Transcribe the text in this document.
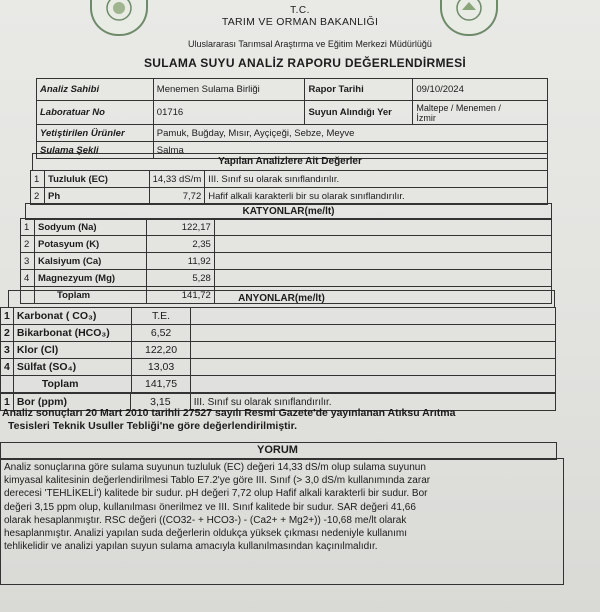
T.C.
TARIM VE ORMAN BAKANLIĞI
Uluslararası Tarımsal Araştırma ve Eğitim Merkezi Müdürlüğü
SULAMA SUYU ANALİZ RAPORU DEĞERLENDİRMESİ
Analiz Sahibi	Menemen Sulama Birliği	Rapor Tarihi	09/10/2024
Laboratuar No	01716	Suyun Alındığı Yer	Maltepe / Menemen /
İzmir

Yetiştirilen Ürünler	Pamuk, Buğday, Mısır, Ayçiçeği, Sebze, Meyve		
Sulama Şekli	Salma		
Yapılan Analizlere Ait Değerler
1	Tuzluluk (EC)	14,33 dS/m	III. Sınıf su olarak sınıflandırılır.
2	Ph	7,72	Hafif alkali karakterli bir su olarak sınıflandırılır.
KATYONLAR(me/lt)
1	Sodyum (Na)	122,17	
2	Potasyum (K)	2,35	
3	Kalsiyum (Ca)	11,92	
4	Magnezyum (Mg)	5,28	
	Toplam	141,72		ANYONLAR(me/lt)
1	Karbonat ( CO₃)	T.E.	
2	Bikarbonat (HCO₃)	6,52	
3	Klor (Cl)	122,20	
4	Sülfat (SO₄)	13,03	
	Toplam	141,75	
1	Bor (ppm)	3,15	III. Sınıf su olarak sınıflandırılır.
Analiz sonuçları 20 Mart 2010 tarihli 27527 sayılı Resmi Gazete'de yayınlanan Atıksu Arıtma
Tesisleri Teknik Usuller Tebliği'ne göre değerlendirilmiştir.
YORUM
Analiz sonuçlarına göre sulama suyunun tuzluluk (EC) değeri 14,33 dS/m olup sulama suyunun
kimyasal kalitesinin değerlendirilmesi Tablo E7.2'ye göre III. Sınıf (> 3,0 dS/m kullanımında zarar
derecesi 'TEHLİKELİ') kalitede bir sudur. pH değeri 7,72 olup Hafif alkali karakterli bir sudur. Bor
değeri 3,15 ppm olup, kullanılması önerilmez ve III. Sınıf kalitede bir sudur. SAR değeri 41,66
olarak hesaplanmıştır. RSC değeri ((CO32- + HCO3-) - (Ca2+ + Mg2+)) -10,68 me/lt olarak
hesaplanmıştır. Analizi yapılan suda değerlerin oldukça yüksek çıkması nedeniyle kullanımı
tehlikelidir ve analizi yapılan suyun sulama amacıyla kullanılmasından kaçınılmalıdır.
